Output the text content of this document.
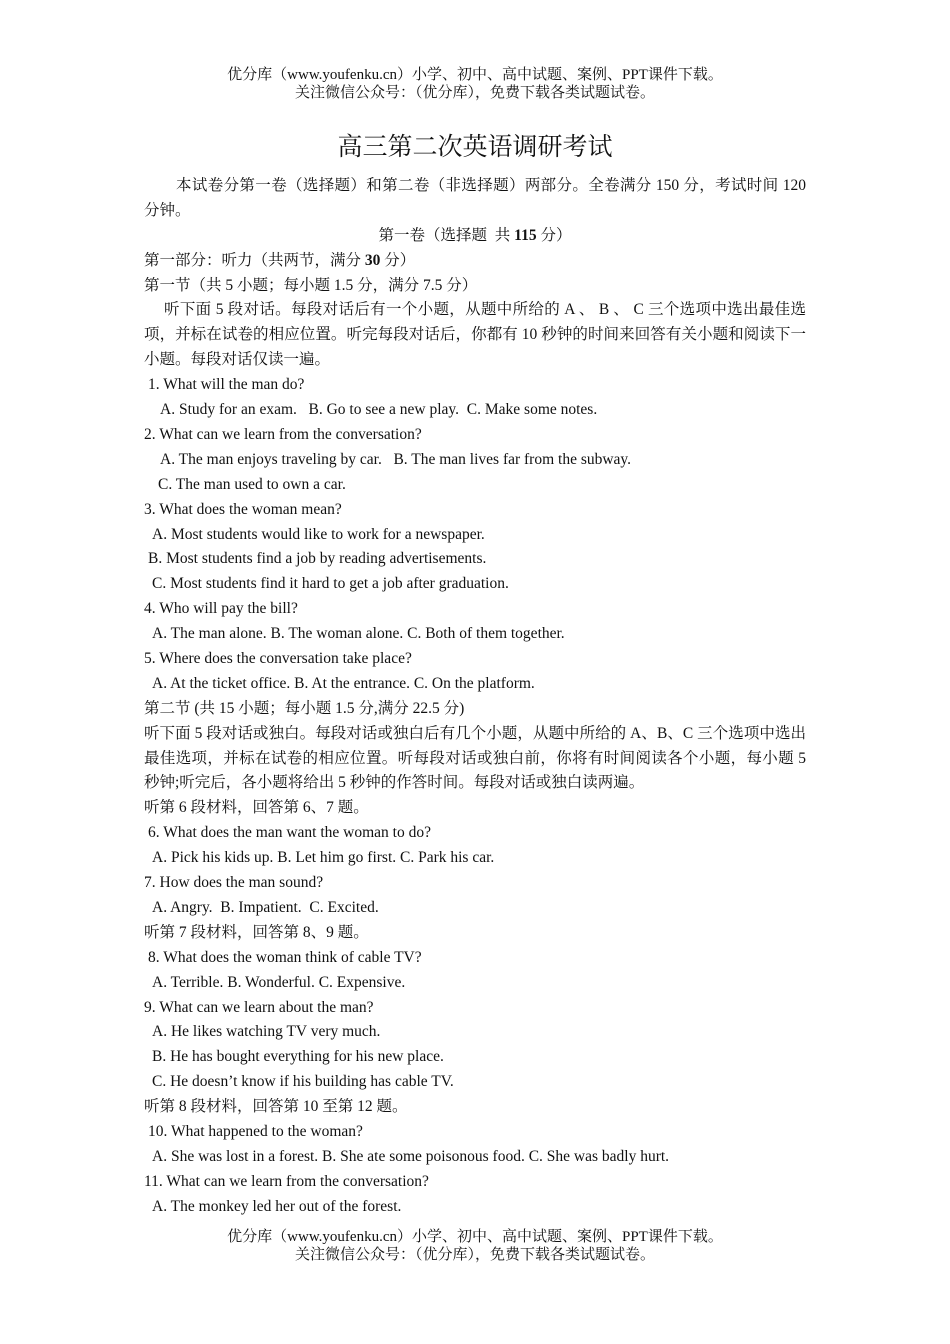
优分库（www.youfenku.cn）小学、初中、高中试题、案例、PPT课件下载。
关注微信公众号：（优分库），免费下载各类试题试卷。
高三第二次英语调研考试
本试卷分第一卷（选择题）和第二卷（非选择题）两部分。全卷满分 150 分，考试时间 120 分钟。
第一卷（选择题  共 115 分）
第一部分：听力（共两节，满分 30 分）
第一节（共 5 小题；每小题 1.5 分，满分 7.5 分）
听下面 5 段对话。每段对话后有一个小题，从题中所给的 A 、 B 、 C 三个选项中选出最佳选项，并标在试卷的相应位置。听完每段对话后，你都有 10 秒钟的时间来回答有关小题和阅读下一小题。每段对话仅读一遍。
1. What will the man do?
A. Study for an exam.   B. Go to see a new play.  C. Make some notes.
2. What can we learn from the conversation?
A. The man enjoys traveling by car.   B. The man lives far from the subway.
C. The man used to own a car.
3. What does the woman mean?
A. Most students would like to work for a newspaper.
B. Most students find a job by reading advertisements.
C. Most students find it hard to get a job after graduation.
4. Who will pay the bill?
A. The man alone. B. The woman alone. C. Both of them together.
5. Where does the conversation take place?
A. At the ticket office. B. At the entrance. C. On the platform.
第二节 (共 15 小题；每小题 1.5 分,满分 22.5 分)
听下面 5 段对话或独白。每段对话或独白后有几个小题，从题中所给的 A、B、C 三个选项中选出最佳选项，并标在试卷的相应位置。听每段对话或独白前，你将有时间阅读各个小题，每小题 5 秒钟;听完后，各小题将给出 5 秒钟的作答时间。每段对话或独白读两遍。
听第 6 段材料，回答第 6、7 题。
6. What does the man want the woman to do?
A. Pick his kids up. B. Let him go first. C. Park his car.
7. How does the man sound?
A. Angry.  B. Impatient.  C. Excited.
听第 7 段材料，回答第 8、9 题。
8. What does the woman think of cable TV?
A. Terrible. B. Wonderful. C. Expensive.
9. What can we learn about the man?
A. He likes watching TV very much.
B. He has bought everything for his new place.
C. He doesn’t know if his building has cable TV.
听第 8 段材料，回答第 10 至第 12 题。
10. What happened to the woman?
A. She was lost in a forest. B. She ate some poisonous food. C. She was badly hurt.
11. What can we learn from the conversation?
A. The monkey led her out of the forest.
优分库（www.youfenku.cn）小学、初中、高中试题、案例、PPT课件下载。
关注微信公众号：（优分库），免费下载各类试题试卷。
